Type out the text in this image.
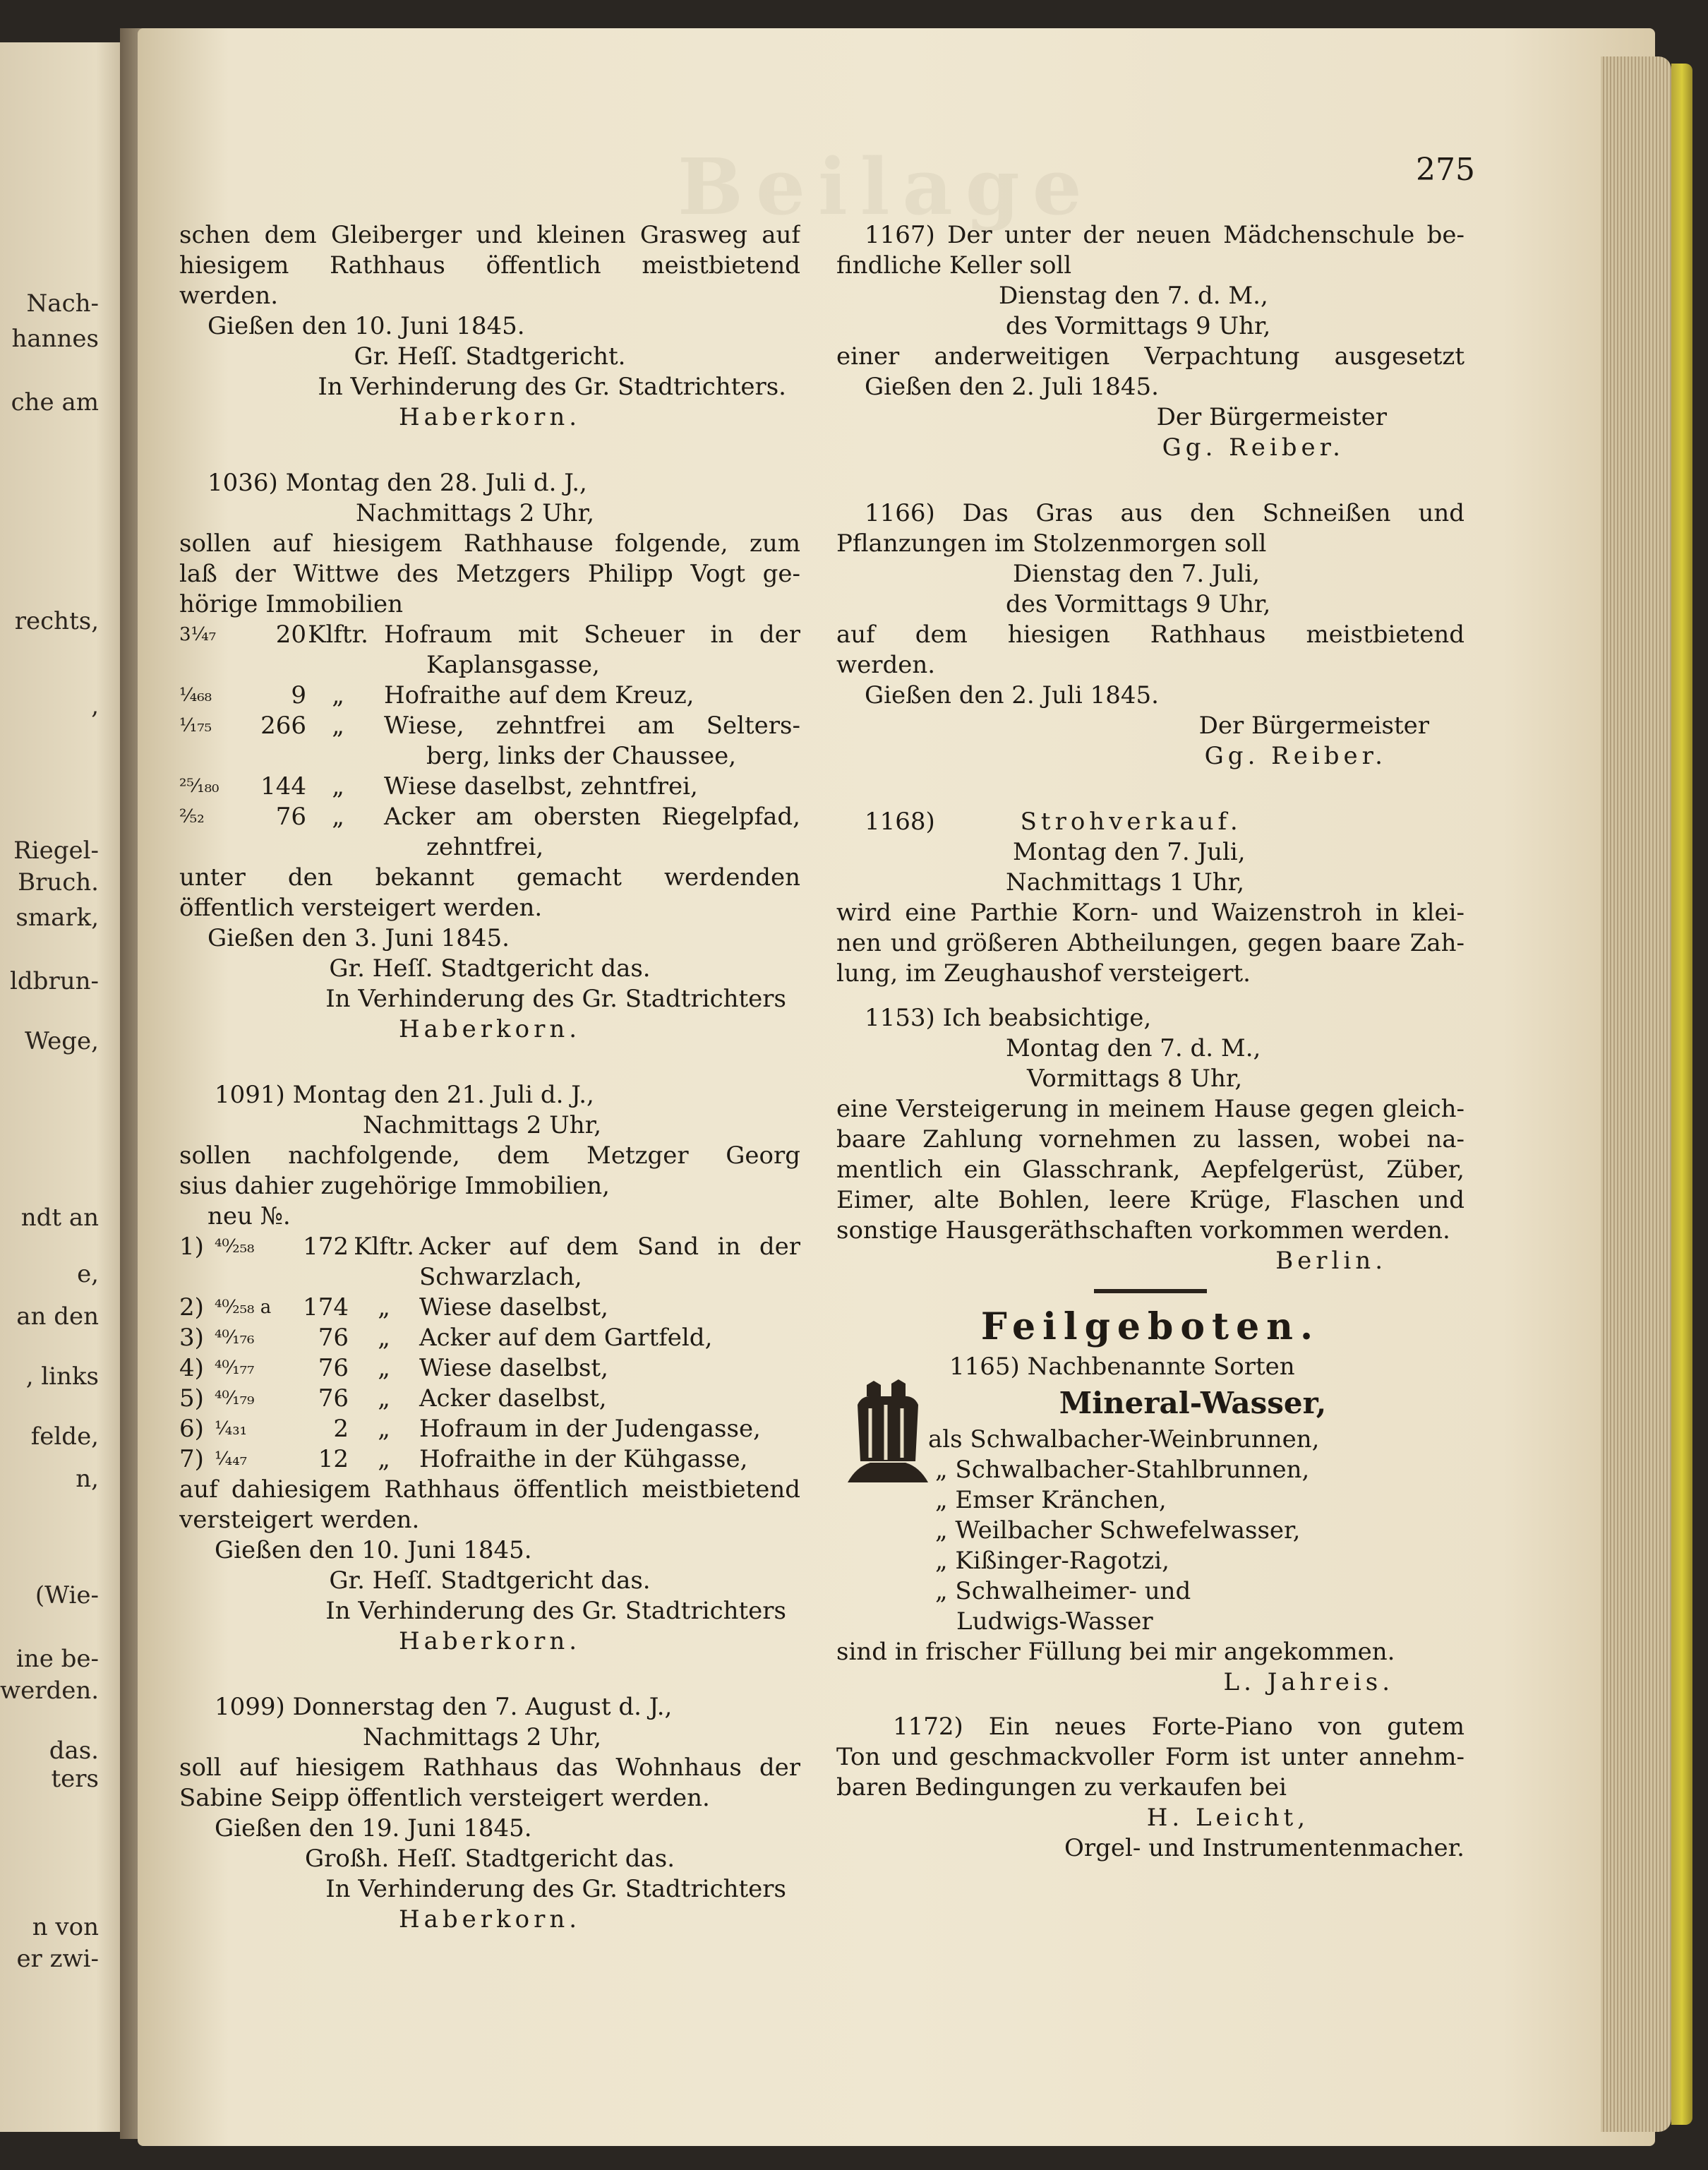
Beilage
Nach-
hannes
che am
rechts,
,
Riegel-
Bruch.
smark,
ldbrun-
Wege,
ndt an
e,
an den
, links
felde,
n,
(Wie-
ine be-
werden.
das.
ters
n von
er zwi-
275
schen dem Gleiberger und kleinen Grasweg auf
hiesigem Rathhaus öffentlich meistbietend
werden.
Gießen den 10. Juni 1845.
Gr. Heſſ. Stadtgericht.
In Verhinderung des Gr. Stadtrichters.
Haberkorn.
1036) Montag den 28. Juli d. J.,
Nachmittags 2 Uhr,
sollen auf hiesigem Rathhause folgende, zum
laß der Wittwe des Metzgers Philipp Vogt ge-
hörige Immobilien
3¹⁄₄₇	20 Klftr. Hofraum mit Scheuer in der
Kaplansgasse,
¹⁄₄₆₈	9	„	Hofraithe auf dem Kreuz,
¹⁄₁₇₅	266	„	Wiese, zehntfrei am Selters-
berg, links der Chaussee,
²⁵⁄₁₈₀	144	„	Wiese daselbst, zehntfrei,
²⁄₅₂	76	„	Acker am obersten Riegelpfad,
zehntfrei,
unter den bekannt gemacht werdenden
öffentlich versteigert werden.
Gießen den 3. Juni 1845.
Gr. Heſſ. Stadtgericht das.
In Verhinderung des Gr. Stadtrichters
Haberkorn.
1091) Montag den 21. Juli d. J.,
Nachmittags 2 Uhr,
sollen nachfolgende, dem Metzger Georg
sius dahier zugehörige Immobilien,
neu №.
1) ⁴⁰⁄₂₅₈	172 Klftr. Acker auf dem Sand in der
Schwarzlach,
2) ⁴⁰⁄₂₅₈ a	174	„	Wiese daselbst,
3) ⁴⁰⁄₁₇₆	76	„	Acker auf dem Gartfeld,
4) ⁴⁰⁄₁₇₇	76	„	Wiese daselbst,
5) ⁴⁰⁄₁₇₉	76	„	Acker daselbst,
6) ¹⁄₄₃₁	2	„	Hofraum in der Judengasse,
7) ¹⁄₄₄₇	12	„	Hofraithe in der Kühgasse,
auf dahiesigem Rathhaus öffentlich meistbietend
versteigert werden.
Gießen den 10. Juni 1845.
Gr. Heſſ. Stadtgericht das.
In Verhinderung des Gr. Stadtrichters
Haberkorn.
1099) Donnerstag den 7. August d. J.,
Nachmittags 2 Uhr,
soll auf hiesigem Rathhaus das Wohnhaus der
Sabine Seipp öffentlich versteigert werden.
Gießen den 19. Juni 1845.
Großh. Heſſ. Stadtgericht das.
In Verhinderung des Gr. Stadtrichters
Haberkorn.
1167) Der unter der neuen Mädchenschule be-
findliche Keller soll
Dienstag den 7. d. M.,
des Vormittags 9 Uhr,
einer anderweitigen Verpachtung ausgesetzt
Gießen den 2. Juli 1845.
Der Bürgermeister
Gg. Reiber.
1166) Das Gras aus den Schneißen und
Pflanzungen im Stolzenmorgen soll
Dienstag den 7. Juli,
des Vormittags 9 Uhr,
auf dem hiesigen Rathhaus meistbietend
werden.
Gießen den 2. Juli 1845.
Der Bürgermeister
Gg. Reiber.
1168)	Strohverkauf.
Montag den 7. Juli,
Nachmittags 1 Uhr,
wird eine Parthie Korn- und Waizenstroh in klei-
nen und größeren Abtheilungen, gegen baare Zah-
lung, im Zeughaushof versteigert.
1153) Ich beabsichtige,
Montag den 7. d. M.,
Vormittags 8 Uhr,
eine Versteigerung in meinem Hause gegen gleich-
baare Zahlung vornehmen zu lassen, wobei na-
mentlich ein Glasschrank, Aepfelgerüst, Züber,
Eimer, alte Bohlen, leere Krüge, Flaschen und
sonstige Hausgeräthschaften vorkommen werden.
Berlin.
Feilgeboten.
1165) Nachbenannte Sorten
Mineral-Wasser,
als Schwalbacher-Weinbrunnen,
„ Schwalbacher-Stahlbrunnen,
„ Emser Kränchen,
„ Weilbacher Schwefelwasser,
„ Kißinger-Ragotzi,
„ Schwalheimer- und
Ludwigs-Wasser
sind in frischer Füllung bei mir angekommen.
L. Jahreis.
1172) Ein neues Forte-Piano von gutem
Ton und geschmackvoller Form ist unter annehm-
baren Bedingungen zu verkaufen bei
H. Leicht,
Orgel- und Instrumentenmacher.
